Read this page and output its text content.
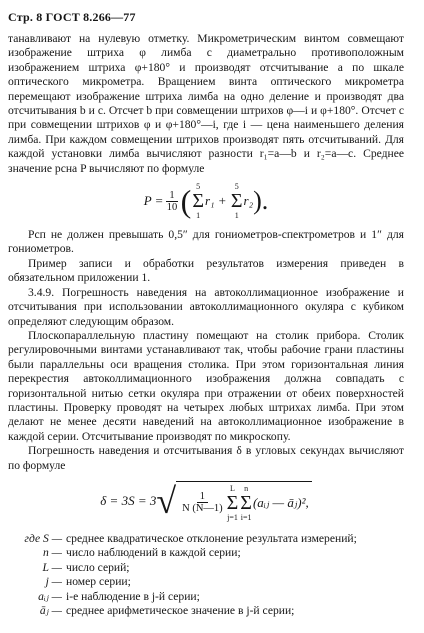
Стр. 8 ГОСТ 8.266—77

танавливают на нулевую отметку. Микрометрическим винтом совмещают изображение штриха φ лимба с диаметрально противоположным изображением штриха φ+180° и производят отсчитывание a по шкале оптического микрометра. Вращением винта оптического микрометра перемещают изображение штриха лимба на одно деление и производят два отсчитывания b и c. Отсчет b при совмещении штрихов φ—i и φ+180°. Отсчет c при совмещении штрихов φ и φ+180°—i, где i — цена наименьшего деления лимба. При каждом совмещении штрихов производят пять отсчитываний. Для каждой установки лимба вычисляют разности r₁=a—b и r₂=a—c. Среднее значение рсна P вычисляют по формуле

$P = \frac{1}{10}$ ( 5
Σ
1
r₁ +
5
Σ
1
r₂ ).

Pcп не должен превышать 0,5″ для гониометров-спектрометров и 1″ для гониометров.

Пример записи и обработки результатов измерения приведен в обязательном приложении 1.

3.4.9. Погрешность наведения на автоколлимационное изображение и отсчитывания при использовании автоколлимационного окуляра с кубиком определяют следующим образом.

Плоскопараллельную пластину помещают на столик прибора. Столик регулировочными винтами устанавливают так, чтобы рабочие грани пластины были параллельны оси вращения столика. При этом горизонтальная линия перекрестия автоколлимационного изображения должна совпадать с горизонтальной нитью сетки окуляра при отражении от обеих поверхностей пластины. Проверку проводят на четырех любых штрихах лимба. При этом делают не менее десяти наведений на автоколлимационное изображение в каждой серии. Отсчитывание производят по микроскопу.

Погрешность наведения и отсчитывания δ в угловых секундах вычисляют по формуле

δ = 3S = 3 √ $\frac{1}{N (N—1)}$
L
Σ
j=1
n
Σ
i=1
(aᵢⱼ — āⱼ)²,
где S — среднее квадратическое отклонение результата измерений;
n — число наблюдений в каждой серии;
L — число серий;
j — номер серии;
aᵢⱼ — i-е наблюдение в j-й серии;
āⱼ — среднее арифметическое значение в j-й серии;
